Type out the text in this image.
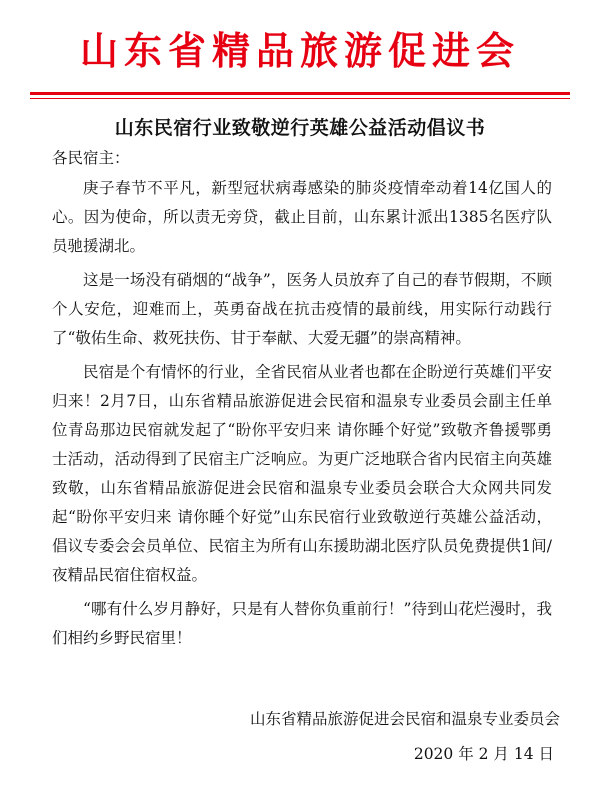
山东省精品旅游促进会
山东民宿行业致敬逆行英雄公益活动倡议书
各民宿主：

庚子春节不平凡，新型冠状病毒感染的肺炎疫情牵动着14亿国人的心。因为使命，所以责无旁贷，截止目前，山东累计派出1385名医疗队员驰援湖北。

这是一场没有硝烟的“战争”，医务人员放弃了自己的春节假期，不顾个人安危，迎难而上，英勇奋战在抗击疫情的最前线，用实际行动践行了“敬佑生命、救死扶伤、甘于奉献、大爱无疆”的崇高精神。

民宿是个有情怀的行业，全省民宿从业者也都在企盼逆行英雄们平安归来！2月7日，山东省精品旅游促进会民宿和温泉专业委员会副主任单位青岛那边民宿就发起了“盼你平安归来 请你睡个好觉”致敬齐鲁援鄂勇士活动，活动得到了民宿主广泛响应。为更广泛地联合省内民宿主向英雄致敬，山东省精品旅游促进会民宿和温泉专业委员会联合大众网共同发起“盼你平安归来 请你睡个好觉”山东民宿行业致敬逆行英雄公益活动，倡议专委会会员单位、民宿主为所有山东援助湖北医疗队员免费提供1间/夜精品民宿住宿权益。

“哪有什么岁月静好，只是有人替你负重前行！”待到山花烂漫时，我们相约乡野民宿里！

山东省精品旅游促进会民宿和温泉专业委员会
2020 年 2 月 14 日
